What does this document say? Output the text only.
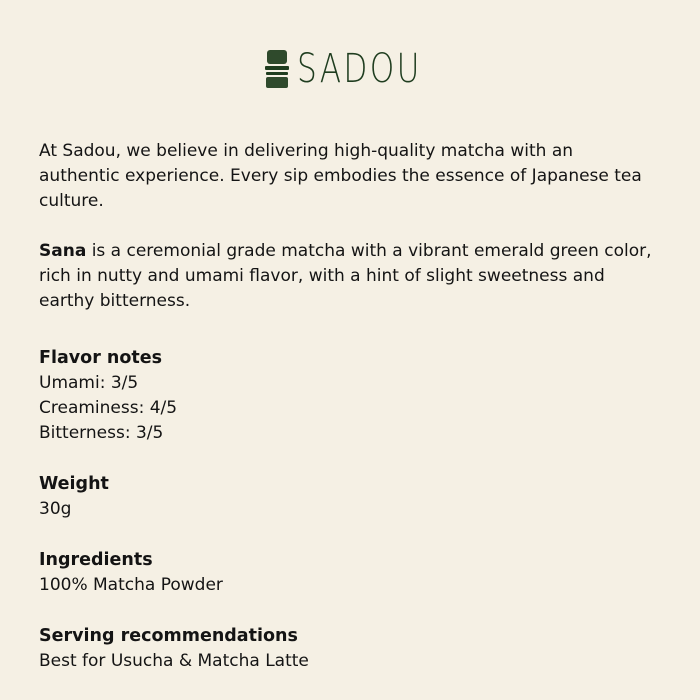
SADOU

At Sadou, we believe in delivering high-quality matcha with an authentic experience. Every sip embodies the essence of Japanese tea culture.

Sana is a ceremonial grade matcha with a vibrant emerald green color, rich in nutty and umami flavor, with a hint of slight sweetness and earthy bitterness.

Flavor notes
Umami: 3/5
Creaminess: 4/5
Bitterness: 3/5
Weight
30g
Ingredients
100% Matcha Powder
Serving recommendations
Best for Usucha & Matcha Latte
